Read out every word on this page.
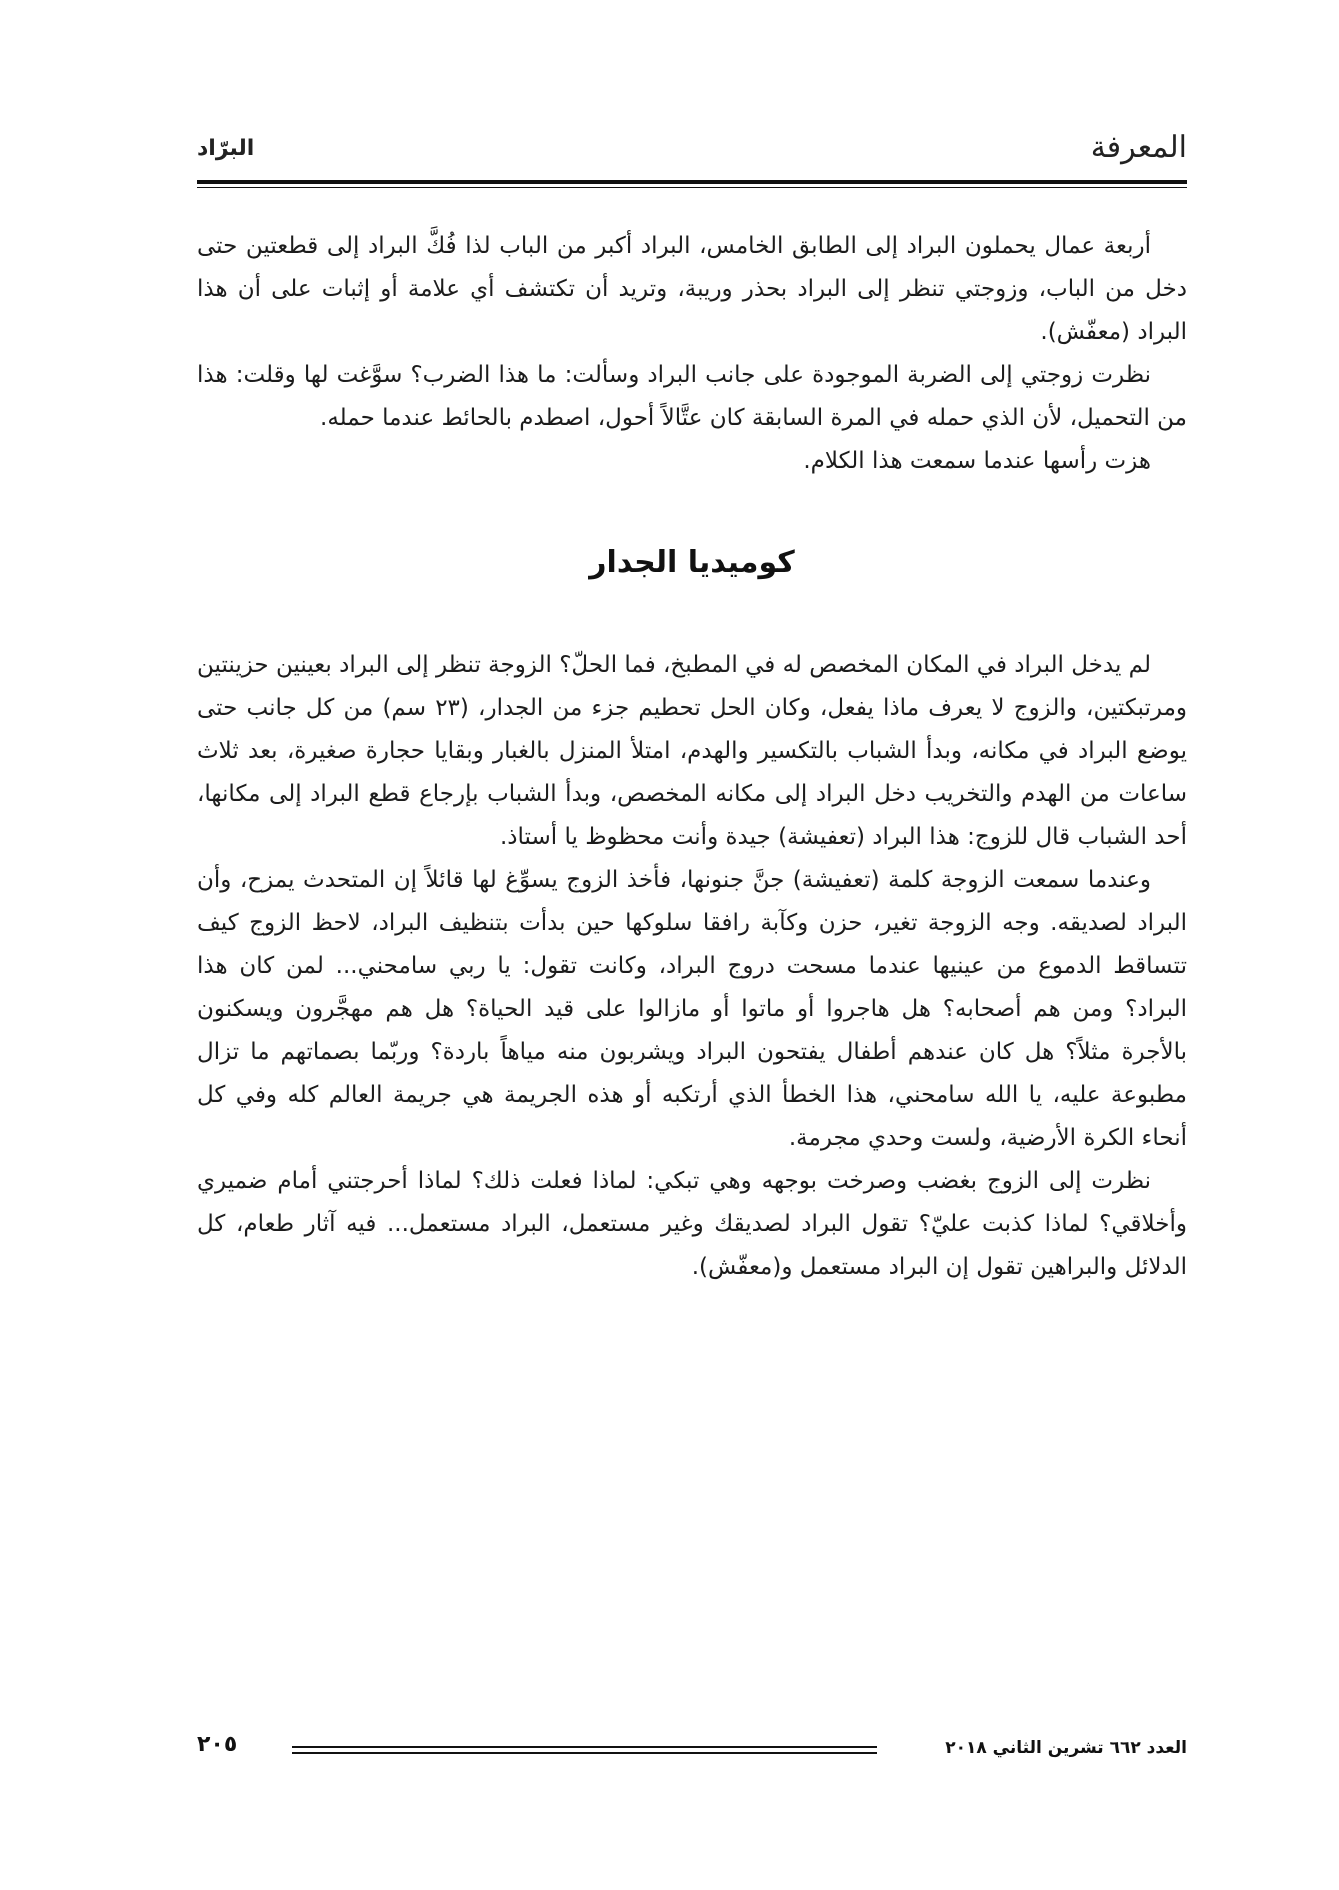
المعرفة
البرّاد

أربعة عمال يحملون البراد إلى الطابق الخامس، البراد أكبر من الباب لذا فُكَّ البراد إلى قطعتين حتى دخل من الباب، وزوجتي تنظر إلى البراد بحذر وريبة، وتريد أن تكتشف أي علامة أو إثبات على أن هذا البراد (معفّش).

نظرت زوجتي إلى الضربة الموجودة على جانب البراد وسألت: ما هذا الضرب؟ سوَّغت لها وقلت: هذا من التحميل، لأن الذي حمله في المرة السابقة كان عتَّالاً أحول، اصطدم بالحائط عندما حمله.

هزت رأسها عندما سمعت هذا الكلام.

كوميديا الجدار

لم يدخل البراد في المكان المخصص له في المطبخ، فما الحلّ؟ الزوجة تنظر إلى البراد بعينين حزينتين ومرتبكتين، والزوج لا يعرف ماذا يفعل، وكان الحل تحطيم جزء من الجدار، (٢٣ سم) من كل جانب حتى يوضع البراد في مكانه، وبدأ الشباب بالتكسير والهدم، امتلأ المنزل بالغبار وبقايا حجارة صغيرة، بعد ثلاث ساعات من الهدم والتخريب دخل البراد إلى مكانه المخصص، وبدأ الشباب بإرجاع قطع البراد إلى مكانها، أحد الشباب قال للزوج: هذا البراد (تعفيشة) جيدة وأنت محظوظ يا أستاذ.

وعندما سمعت الزوجة كلمة (تعفيشة) جنَّ جنونها، فأخذ الزوج يسوِّغ لها قائلاً إن المتحدث يمزح، وأن البراد لصديقه. وجه الزوجة تغير، حزن وكآبة رافقا سلوكها حين بدأت بتنظيف البراد، لاحظ الزوج كيف تتساقط الدموع من عينيها عندما مسحت دروج البراد، وكانت تقول: يا ربي سامحني... لمن كان هذا البراد؟ ومن هم أصحابه؟ هل هاجروا أو ماتوا أو مازالوا على قيد الحياة؟ هل هم مهجَّرون ويسكنون بالأجرة مثلاً؟ هل كان عندهم أطفال يفتحون البراد ويشربون منه مياهاً باردة؟ وربّما بصماتهم ما تزال مطبوعة عليه، يا الله سامحني، هذا الخطأ الذي أرتكبه أو هذه الجريمة هي جريمة العالم كله وفي كل أنحاء الكرة الأرضية، ولست وحدي مجرمة.

نظرت إلى الزوج بغضب وصرخت بوجهه وهي تبكي: لماذا فعلت ذلك؟ لماذا أحرجتني أمام ضميري وأخلاقي؟ لماذا كذبت عليّ؟ تقول البراد لصديقك وغير مستعمل، البراد مستعمل... فيه آثار طعام، كل الدلائل والبراهين تقول إن البراد مستعمل و(معفّش).

العدد ٦٦٢ تشرين الثاني ٢٠١٨
٢٠٥
